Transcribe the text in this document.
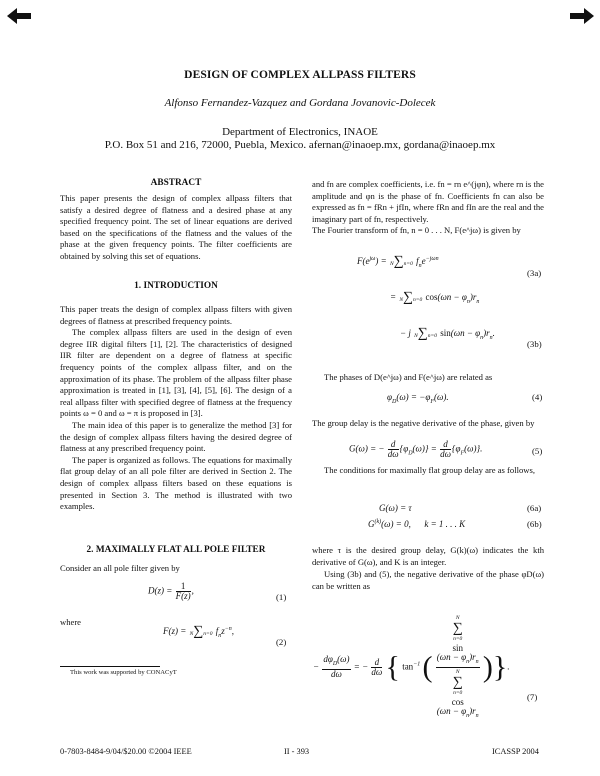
DESIGN OF COMPLEX ALLPASS FILTERS
Alfonso Fernandez-Vazquez and Gordana Jovanovic-Dolecek
Department of Electronics, INAOE
P.O. Box 51 and 216, 72000, Puebla, Mexico. afernan@inaoep.mx, gordana@inaoep.mx
ABSTRACT

This paper presents the design of complex allpass filters that satisfy a desired degree of flatness and a desired phase at any specified frequency point. The set of linear equations are derived based on the specifications of the flatness and the values of the phase at the given frequency points. The filter coefficients are obtained by solving this set of equations.

1. INTRODUCTION

This paper treats the design of complex allpass filters with given degrees of flatness at prescribed frequency points.

The complex allpass filters are used in the design of even degree IIR digital filters [1], [2]. The characteristics of designed IIR filter are dependent on a degree of flatness at specific frequency points of the complex allpass filter, and on the approximation of its phase. The problem of the allpass filter phase approximation is treated in [1], [3], [4], [5], [6]. The design of a real allpass filter with specified degree of flatness at the frequency points ω = 0 and ω = π is proposed in [3].

The main idea of this paper is to generalize the method [3] for the design of complex allpass filters having the desired degree of flatness at any prescribed frequency point.

The paper is organized as follows. The equations for maximally flat group delay of an all pole filter are derived in Section 2. The design of complex allpass filters based on these equations is presented in Section 3. The method is illustrated with two examples.

2. MAXIMALLY FLAT ALL POLE FILTER
Consider an all pole filter given by
$D(z) = \frac{1}{F(z)}$ ,
(1)
where
F(z) = N∑n=0 $f_nz^{-n}$,
(2)
This work was supported by CONACyT
and fn are complex coefficients, i.e. fn = rn e^(jφn), where rn is the amplitude and φn is the phase of fn. Coefficients fn can also be expressed as fn = fRn + jfIn, where fRn and fIn are the real and the imaginary part of fn, respectively.
The Fourier transform of fn, n = 0 . . . N, F(e^jω) is given by
$F(e^{j\omega}) = N\sum n=0$ $f_ne^{-j\omega n}$
(3a)
= N∑n=0 $\cos(\omega n - \varphi_n)r_n$
− j N∑n=0 $\sin(\omega n - \varphi_n)r_n$.
(3b)
The phases of D(e^jω) and F(e^jω) are related as
$\varphi_D(\omega) = -\varphi_F(\omega)$.	(4)
The group delay is the negative derivative of the phase, given by
G(ω) = − $\frac{d}{d\omega} \{\varphi_D(\omega)\} = \frac{d}{d\omega} \{\varphi_F(\omega)\}$.	(5)
The conditions for maximally flat group delay are as follows,
G(ω) = τ	(6a)
$G^{(k)}(\omega) = 0$,      k = 1 . . . K	(6b)
where τ is the desired group delay, G(k)(ω) indicates the kth derivative of G(ω), and K is an integer.
Using (3b) and (5), the negative derivative of the phase φD(ω) can be written as
− $\frac{d\varphi_D(\omega)}{d\omega}$ = − $\frac{d}{d\omega}$ { $\tan^{-1}$ ( N
∑
n=0
sin
$(\omega n - \varphi_n)r_n$
N
∑
n=0
cos
$(\omega n - \varphi_n)r_n$ )}.
(7)
0-7803-8484-9/04/$20.00 ©2004 IEEE	II - 393	ICASSP 2004
